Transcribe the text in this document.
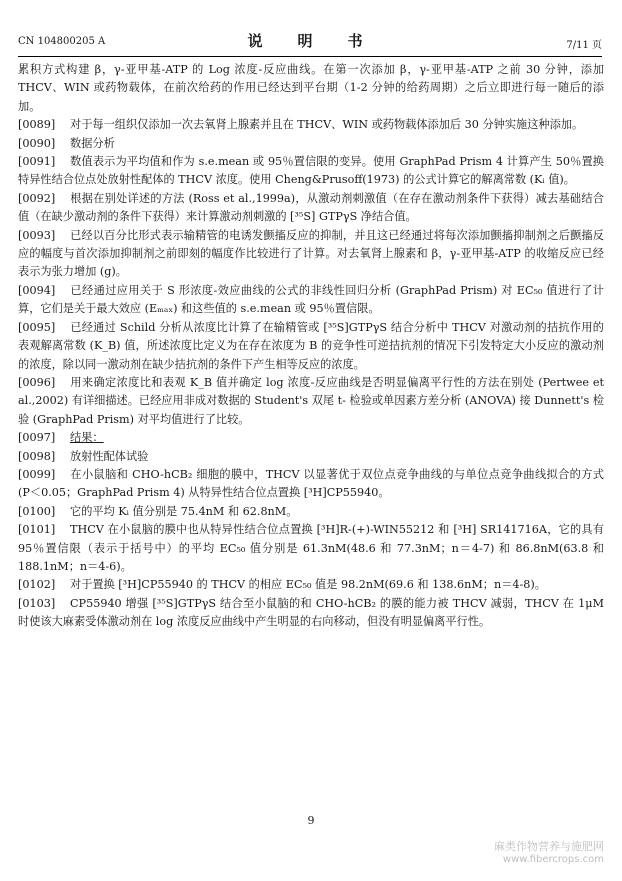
CN 104800205 A	说　明　书	7/11 页

累积方式构建 β，γ-亚甲基-ATP 的 Log 浓度-反应曲线。在第一次添加 β，γ-亚甲基-ATP 之前 30 分钟，添加 THCV、WIN 或药物载体，在前次给药的作用已经达到平台期（1-2 分钟的给药周期）之后立即进行每一随后的添加。

[0089] 对于每一组织仅添加一次去氧肾上腺素并且在 THCV、WIN 或药物载体添加后 30 分钟实施这种添加。

[0090] 数据分析

[0091] 数值表示为平均值和作为 s.e.mean 或 95％置信限的变异。使用 GraphPad Prism 4 计算产生 50％置换特异性结合位点处放射性配体的 THCV 浓度。使用 Cheng&Prusoff(1973) 的公式计算它的解离常数 (Kᵢ 值)。

[0092] 根据在别处详述的方法 (Ross et al.,1999a)，从激动剂刺激值（在存在激动剂条件下获得）减去基础结合值（在缺少激动剂的条件下获得）来计算激动剂刺激的 [³⁵S] GTPγS 净结合值。

[0093] 已经以百分比形式表示输精管的电诱发颤搐反应的抑制，并且这已经通过将每次添加颤搐抑制剂之后颤搐反应的幅度与首次添加抑制剂之前即刻的幅度作比较进行了计算。对去氧肾上腺素和 β，γ-亚甲基-ATP 的收缩反应已经表示为张力增加 (g)。

[0094] 已经通过应用关于 S 形浓度-效应曲线的公式的非线性回归分析 (GraphPad Prism) 对 EC₅₀ 值进行了计算，它们是关于最大效应 (Eₘₐₓ) 和这些值的 s.e.mean 或 95％置信限。

[0095] 已经通过 Schild 分析从浓度比计算了在输精管或 [³⁵S]GTPγS 结合分析中 THCV 对激动剂的拮抗作用的表观解离常数 (K_B) 值，所述浓度比定义为在存在浓度为 B 的竞争性可逆拮抗剂的情况下引发特定大小反应的激动剂的浓度，除以同一激动剂在缺少拮抗剂的条件下产生相等反应的浓度。

[0096] 用来确定浓度比和表观 K_B 值并确定 log 浓度-反应曲线是否明显偏离平行性的方法在别处 (Pertwee et al.,2002) 有详细描述。已经应用非成对数据的 Student's 双尾 t- 检验或单因素方差分析 (ANOVA) 接 Dunnett's 检验 (GraphPad Prism) 对平均值进行了比较。

[0097] 结果：

[0098] 放射性配体试验

[0099] 在小鼠脑和 CHO-hCB₂ 细胞的膜中，THCV 以显著优于双位点竞争曲线的与单位点竞争曲线拟合的方式 (P＜0.05；GraphPad Prism 4) 从特异性结合位点置换 [³H]CP55940。

[0100] 它的平均 Kᵢ 值分别是 75.4nM 和 62.8nM。

[0101] THCV 在小鼠脑的膜中也从特异性结合位点置换 [³H]R-(+)-WIN55212 和 [³H] SR141716A，它的具有 95％置信限（表示于括号中）的平均 EC₅₀ 值分别是 61.3nM(48.6 和 77.3nM；n＝4-7) 和 86.8nM(63.8 和 188.1nM；n＝4-6)。

[0102] 对于置换 [³H]CP55940 的 THCV 的相应 EC₅₀ 值是 98.2nM(69.6 和 138.6nM；n＝4-8)。

[0103] CP55940 增强 [³⁵S]GTPγS 结合至小鼠脑的和 CHO-hCB₂ 的膜的能力被 THCV 减弱，THCV 在 1μM 时使该大麻素受体激动剂在 log 浓度反应曲线中产生明显的右向移动，但没有明显偏离平行性。

9
麻类作物营养与施肥网
www.fibercrops.com
